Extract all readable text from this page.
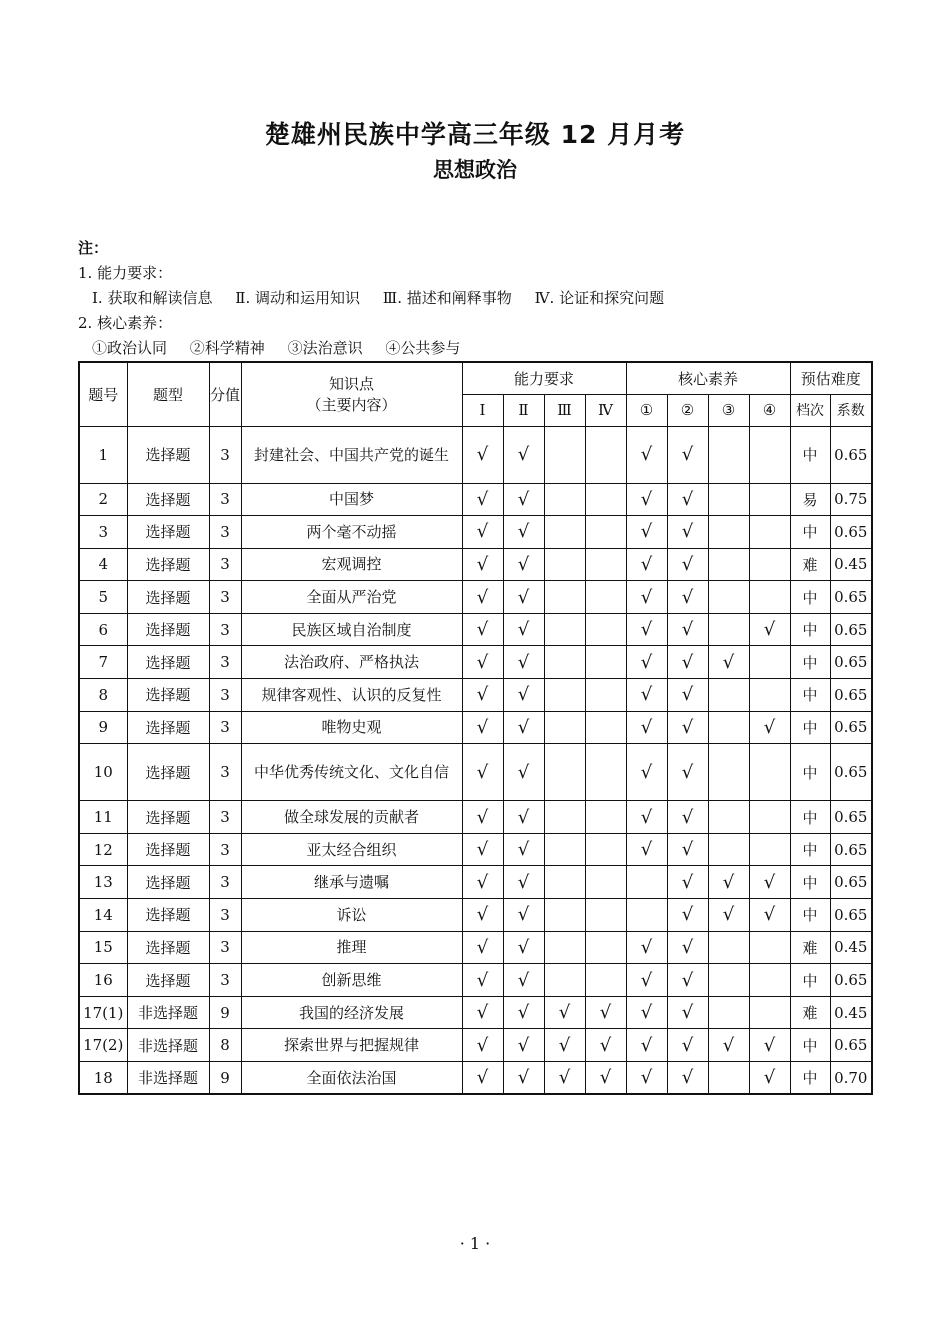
楚雄州民族中学高三年级 12 月月考
思想政治
注：
1. 能力要求：
Ⅰ. 获取和解读信息 Ⅱ. 调动和运用知识 Ⅲ. 描述和阐释事物 Ⅳ. 论证和探究问题
2. 核心素养：
①政治认同 ②科学精神 ③法治意识 ④公共参与
题号	题型	分值	知识点
（主要内容）	能力要求				核心素养				预估难度	
				Ⅰ	Ⅱ	Ⅲ	Ⅳ	①	②	③	④	档次	系数
1	选择题	3	封建社会、中国共产党的诞生	√	√			√	√			中	0.65
2	选择题	3	中国梦	√	√			√	√			易	0.75
3	选择题	3	两个毫不动摇	√	√			√	√			中	0.65
4	选择题	3	宏观调控	√	√			√	√			难	0.45
5	选择题	3	全面从严治党	√	√			√	√			中	0.65
6	选择题	3	民族区域自治制度	√	√			√	√		√	中	0.65
7	选择题	3	法治政府、严格执法	√	√			√	√	√		中	0.65
8	选择题	3	规律客观性、认识的反复性	√	√			√	√			中	0.65
9	选择题	3	唯物史观	√	√			√	√		√	中	0.65
10	选择题	3	中华优秀传统文化、文化自信	√	√			√	√			中	0.65
11	选择题	3	做全球发展的贡献者	√	√			√	√			中	0.65
12	选择题	3	亚太经合组织	√	√			√	√			中	0.65
13	选择题	3	继承与遗嘱	√	√				√	√	√	中	0.65
14	选择题	3	诉讼	√	√				√	√	√	中	0.65
15	选择题	3	推理	√	√			√	√			难	0.45
16	选择题	3	创新思维	√	√			√	√			中	0.65
17(1)	非选择题	9	我国的经济发展	√	√	√	√	√	√			难	0.45
17(2)	非选择题	8	探索世界与把握规律	√	√	√	√	√	√	√	√	中	0.65
18	非选择题	9	全面依法治国	√	√	√	√	√	√		√	中	0.70
· 1 ·
